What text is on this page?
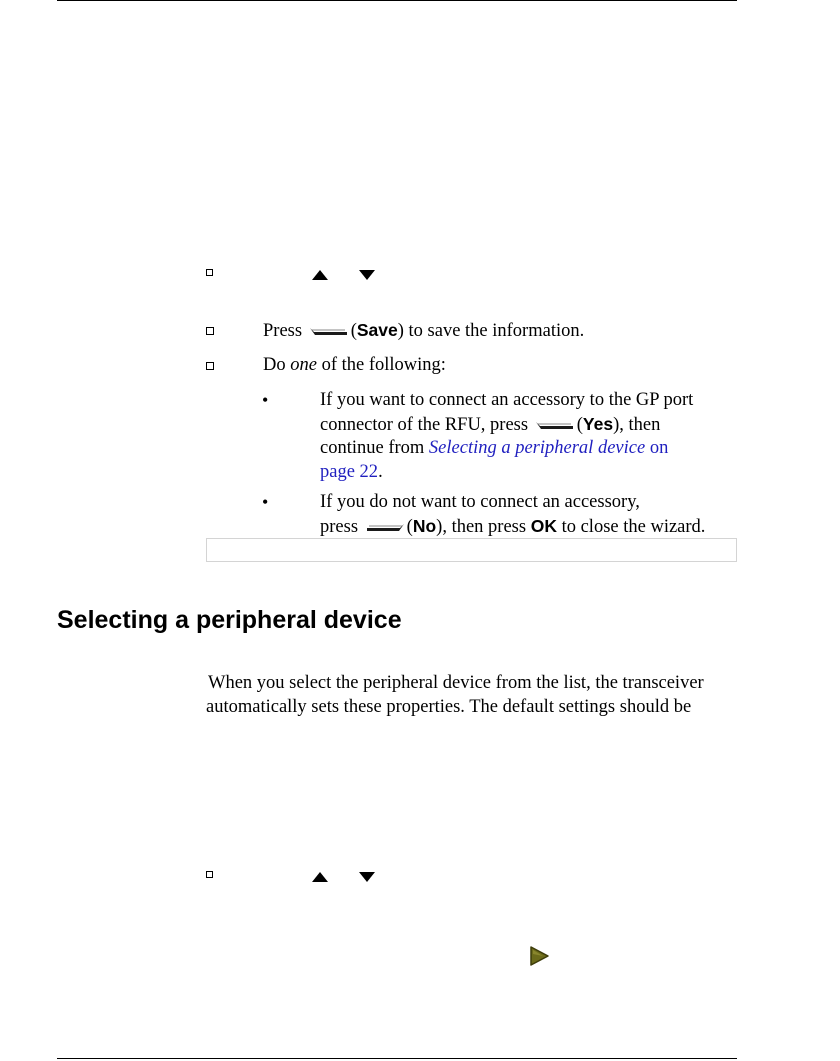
Press	(Save) to save the information.
Do one of the following:
•	If you want to connect an accessory to the GP port
connector of the RFU, press	(Yes), then
continue from Selecting a peripheral device on
page 22.
•	If you do not want to connect an accessory,
press	(No), then press OK to close the wizard.
Selecting a peripheral device
When you select the peripheral device from the list, the transceiver
automatically sets these properties. The default settings should be
